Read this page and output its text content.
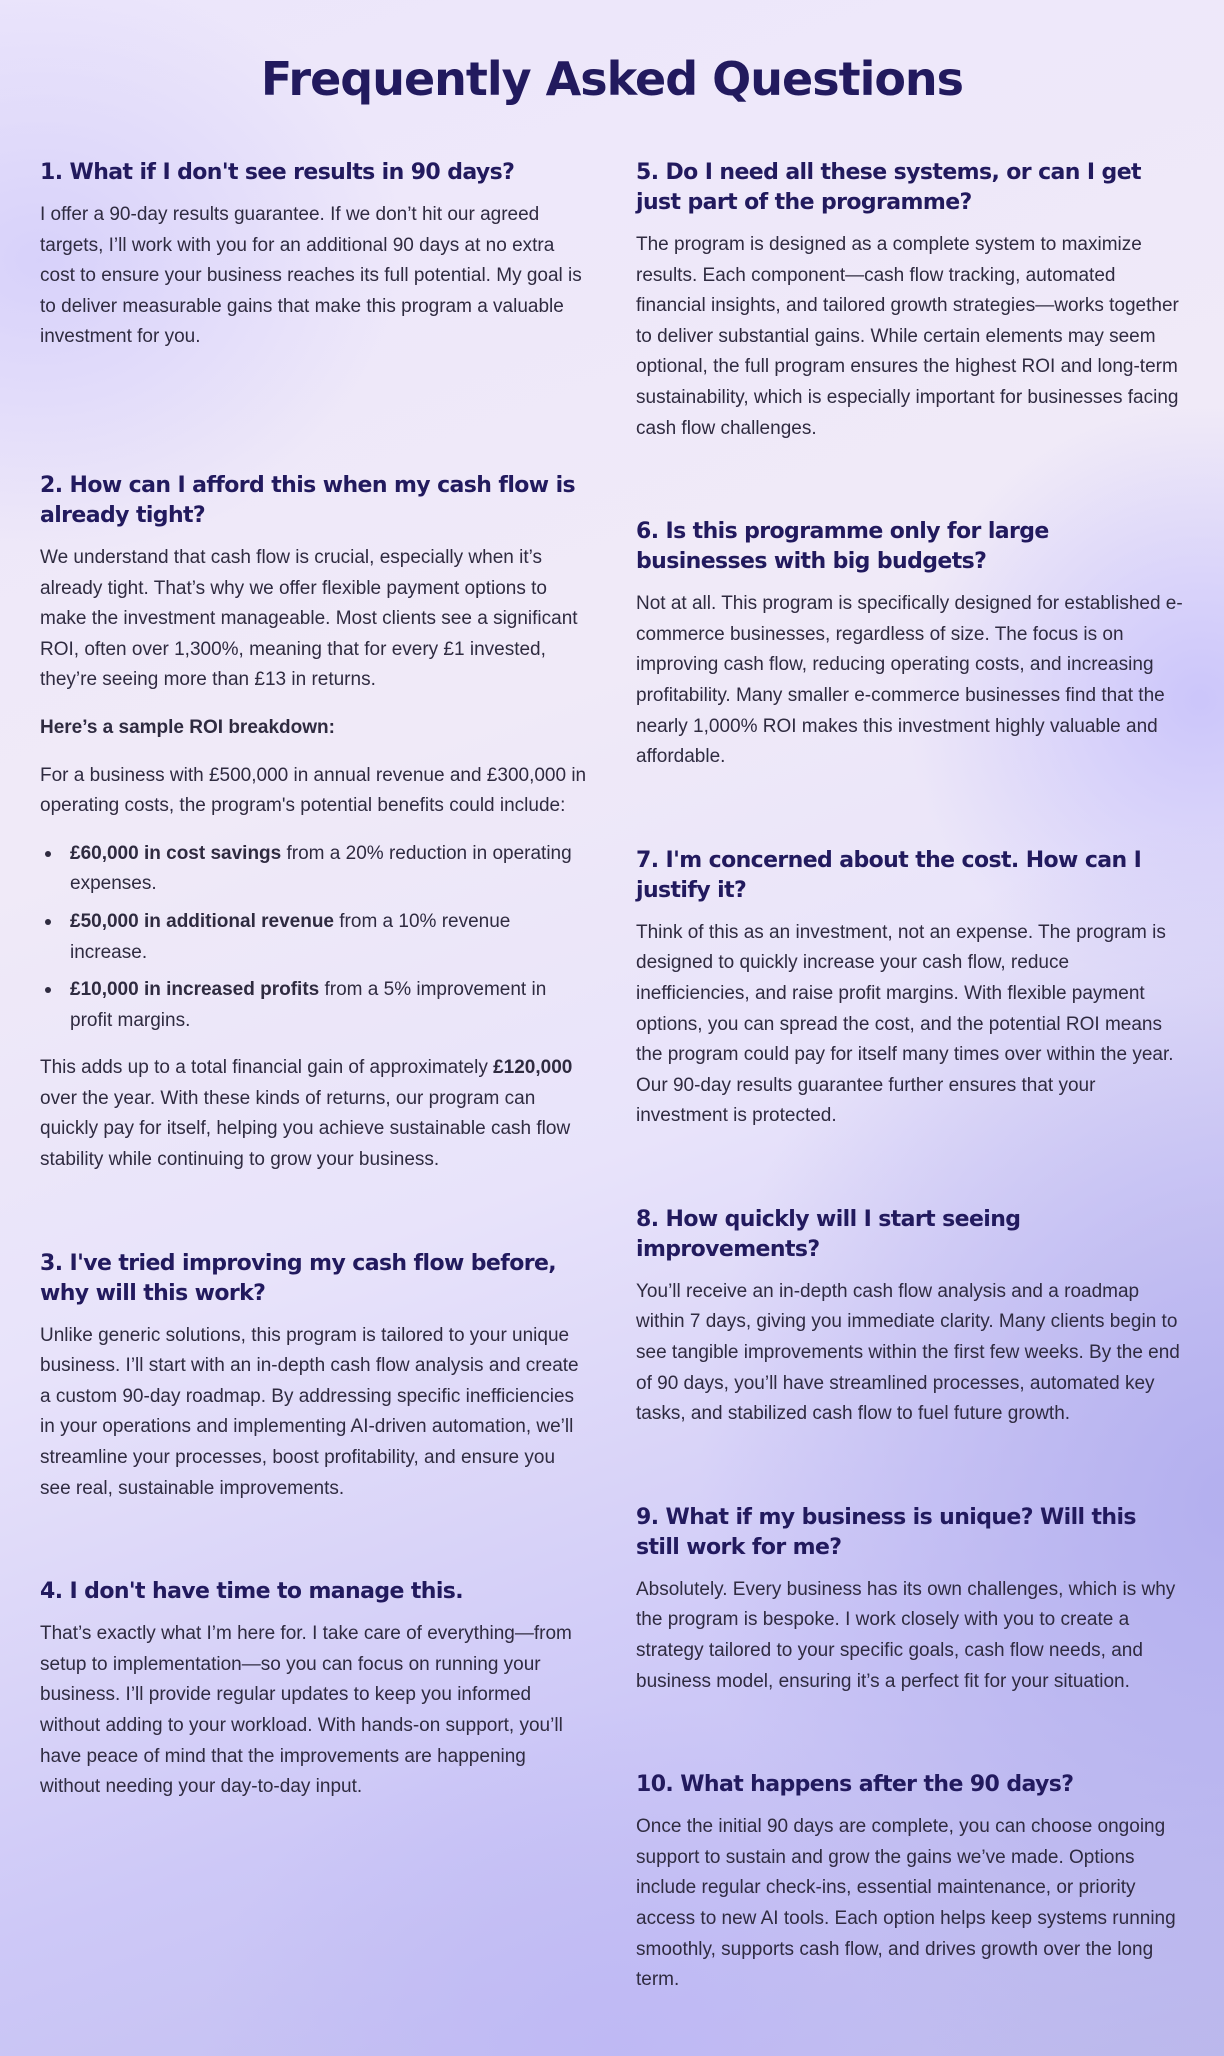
Frequently Asked Questions
1. What if I don't see results in 90 days?

I offer a 90-day results guarantee. If we don’t hit our agreed targets, I’ll work with you for an additional 90 days at no extra cost to ensure your business reaches its full potential. My goal is to deliver measurable gains that make this program a valuable investment for you.

2. How can I afford this when my cash flow is already tight?

We understand that cash flow is crucial, especially when it’s already tight. That’s why we offer flexible payment options to make the investment manageable. Most clients see a significant ROI, often over 1,300%, meaning that for every £1 invested, they’re seeing more than £13 in returns.

Here’s a sample ROI breakdown:

For a business with £500,000 in annual revenue and £300,000 in operating costs, the program's potential benefits could include:

£60,000 in cost savings from a 20% reduction in operating expenses.
£50,000 in additional revenue from a 10% revenue increase.
£10,000 in increased profits from a 5% improvement in profit margins.

This adds up to a total financial gain of approximately £120,000 over the year. With these kinds of returns, our program can quickly pay for itself, helping you achieve sustainable cash flow stability while continuing to grow your business.

3. I've tried improving my cash flow before, why will this work?

Unlike generic solutions, this program is tailored to your unique business. I’ll start with an in-depth cash flow analysis and create a custom 90-day roadmap. By addressing specific inefficiencies in your operations and implementing AI-driven automation, we’ll streamline your processes, boost profitability, and ensure you see real, sustainable improvements.

4. I don't have time to manage this.

That’s exactly what I’m here for. I take care of everything—from setup to implementation—so you can focus on running your business. I’ll provide regular updates to keep you informed without adding to your workload. With hands-on support, you’ll have peace of mind that the improvements are happening without needing your day-to-day input.

5. Do I need all these systems, or can I get just part of the programme?

The program is designed as a complete system to maximize results. Each component—cash flow tracking, automated financial insights, and tailored growth strategies—works together to deliver substantial gains. While certain elements may seem optional, the full program ensures the highest ROI and long-term sustainability, which is especially important for businesses facing cash flow challenges.

6. Is this programme only for large businesses with big budgets?

Not at all. This program is specifically designed for established e-commerce businesses, regardless of size. The focus is on improving cash flow, reducing operating costs, and increasing profitability. Many smaller e-commerce businesses find that the nearly 1,000% ROI makes this investment highly valuable and affordable.

7. I'm concerned about the cost. How can I justify it?

Think of this as an investment, not an expense. The program is designed to quickly increase your cash flow, reduce inefficiencies, and raise profit margins. With flexible payment options, you can spread the cost, and the potential ROI means the program could pay for itself many times over within the year. Our 90-day results guarantee further ensures that your investment is protected.

8. How quickly will I start seeing improvements?

You’ll receive an in-depth cash flow analysis and a roadmap within 7 days, giving you immediate clarity. Many clients begin to see tangible improvements within the first few weeks. By the end of 90 days, you’ll have streamlined processes, automated key tasks, and stabilized cash flow to fuel future growth.

9. What if my business is unique? Will this still work for me?

Absolutely. Every business has its own challenges, which is why the program is bespoke. I work closely with you to create a strategy tailored to your specific goals, cash flow needs, and business model, ensuring it’s a perfect fit for your situation.

10. What happens after the 90 days?

Once the initial 90 days are complete, you can choose ongoing support to sustain and grow the gains we’ve made. Options include regular check-ins, essential maintenance, or priority access to new AI tools. Each option helps keep systems running smoothly, supports cash flow, and drives growth over the long term.
